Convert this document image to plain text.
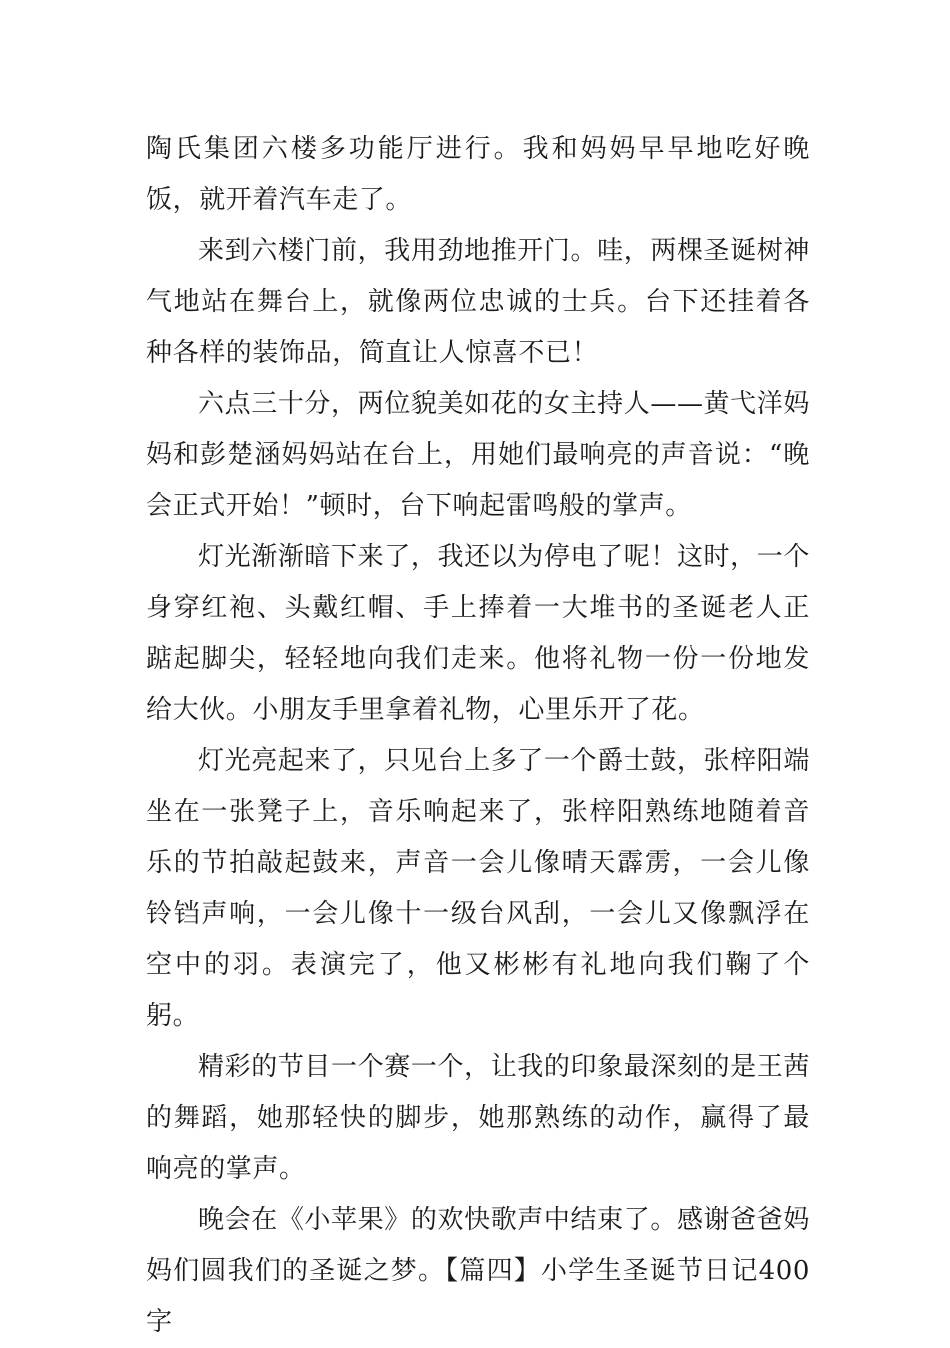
陶氏集团六楼多功能厅进行。我和妈妈早早地吃好晚饭，就开着汽车走了。

来到六楼门前，我用劲地推开门。哇，两棵圣诞树神气地站在舞台上，就像两位忠诚的士兵。台下还挂着各种各样的装饰品，简直让人惊喜不已！

六点三十分，两位貌美如花的女主持人——黄弋洋妈妈和彭楚涵妈妈站在台上，用她们最响亮的声音说：“晚会正式开始！”顿时，台下响起雷鸣般的掌声。

灯光渐渐暗下来了，我还以为停电了呢！这时，一个身穿红袍、头戴红帽、手上捧着一大堆书的圣诞老人正踮起脚尖，轻轻地向我们走来。他将礼物一份一份地发给大伙。小朋友手里拿着礼物，心里乐开了花。

灯光亮起来了，只见台上多了一个爵士鼓，张梓阳端坐在一张凳子上，音乐响起来了，张梓阳熟练地随着音乐的节拍敲起鼓来，声音一会儿像晴天霹雳，一会儿像铃铛声响，一会儿像十一级台风刮，一会儿又像飘浮在空中的羽。表演完了，他又彬彬有礼地向我们鞠了个躬。

精彩的节目一个赛一个，让我的印象最深刻的是王茜的舞蹈，她那轻快的脚步，她那熟练的动作，赢得了最响亮的掌声。

晚会在《小苹果》的欢快歌声中结束了。感谢爸爸妈妈们圆我们的圣诞之梦。【篇四】小学生圣诞节日记400字
